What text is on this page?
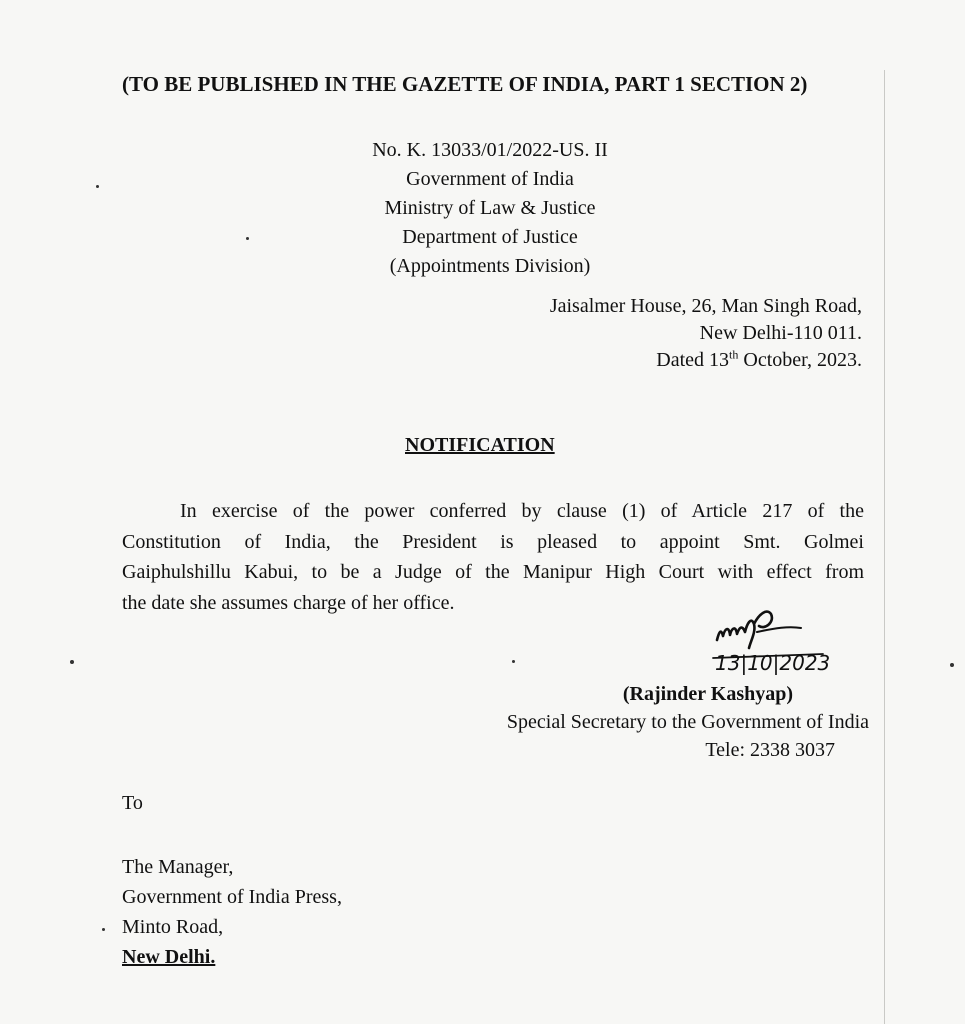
(TO BE PUBLISHED IN THE GAZETTE OF INDIA, PART 1 SECTION 2)
No. K. 13033/01/2022-US. II
Government of India
Ministry of Law & Justice
Department of Justice
(Appointments Division)
Jaisalmer House, 26, Man Singh Road,
New Delhi-110 011.
Dated 13th October, 2023.
NOTIFICATION
In exercise of the power conferred by clause (1) of Article 217 of the
Constitution of India, the President is pleased to appoint Smt. Golmei
Gaiphulshillu Kabui, to be a Judge of the Manipur High Court with effect from
the date she assumes charge of her office.
13|10|2023
(Rajinder Kashyap)
Special Secretary to the Government of India
Tele: 2338 3037
To
The Manager,
Government of India Press,
Minto Road,
New Delhi.
